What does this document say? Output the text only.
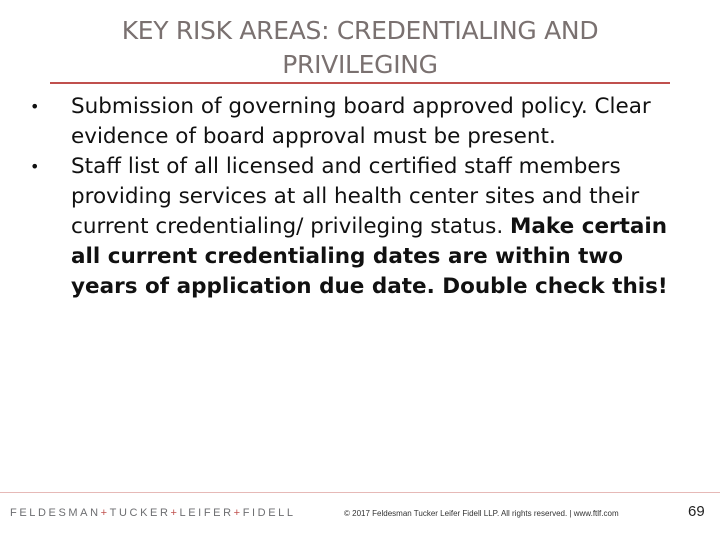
KEY RISK AREAS: CREDENTIALING AND
PRIVILEGING
• Submission of governing board approved policy. Clear evidence of board approval must be present.
• Staff list of all licensed and certified staff members providing services at all health center sites and their current credentialing/ privileging status. Make certain all current credentialing dates are within two years of application due date. Double check this!
FELDESMAN+TUCKER+LEIFER+FIDELL	© 2017 Feldesman Tucker Leifer Fidell LLP. All rights reserved. | www.ftlf.com	69
